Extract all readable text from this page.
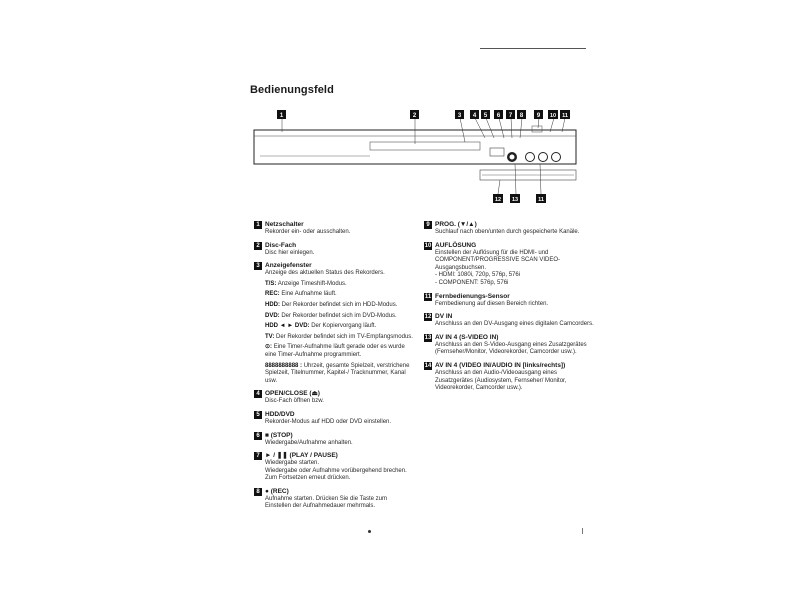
Bedienungsfeld
1	2	3 4 5 6 7 8 9 10 11
12 13	11
1 Netzschalter
Rekorder ein- oder ausschalten.
2 Disc-Fach
Disc hier einlegen.
3 Anzeigefenster
Anzeige des aktuellen Status des Rekorders.
T/S: Anzeige Timeshift-Modus.
REC: Eine Aufnahme läuft.
HDD: Der Rekorder befindet sich im HDD-Modus.
DVD: Der Rekorder befindet sich im DVD-Modus.
HDD ◄ ► DVD: Der Kopiervorgang läuft.
TV: Der Rekorder befindet sich im TV-Empfangsmodus.
⊙: Eine Timer-Aufnahme läuft gerade oder es wurde eine Timer-Aufnahme programmiert.
8888888888 : Uhrzeit, gesamte Spielzeit, verstrichene Spielzeit, Titelnummer, Kapitel-/ Tracknummer, Kanal usw.
4 OPEN/CLOSE (⏏)
Disc-Fach öffnen bzw.
5 HDD/DVD
Rekorder-Modus auf HDD oder DVD einstellen.
6 ■ (STOP)
Wiedergabe/Aufnahme anhalten.
7 ► / ❚❚ (PLAY / PAUSE)
Wiedergabe starten.
Wiedergabe oder Aufnahme vorübergehend brechen. Zum Fortsetzen erneut drücken.
8 ● (REC)
Aufnahme starten. Drücken Sie die Taste zum Einstellen der Aufnahmedauer mehrmals.
9 PROG. (▼/▲)
Suchlauf nach oben/unten durch gespeicherte Kanäle.
10 AUFLÖSUNG
Einstellen der Auflösung für die HDMI- und COMPONENT/PROGRESSIVE SCAN VIDEO-Ausgangsbuchsen.
- HDMI: 1080i, 720p, 576p, 576i
- COMPONENT: 576p, 576i
11 Fernbedienungs-Sensor
Fernbedienung auf diesen Bereich richten.
12 DV IN
Anschluss an den DV-Ausgang eines digitalen Camcorders.
13 AV IN 4 (S-VIDEO IN)
Anschluss an den S-Video-Ausgang eines Zusatzgerätes (Fernseher/Monitor, Videorekorder, Camcorder usw.).
14 AV IN 4 (VIDEO IN/AUDIO IN [links/rechts])
Anschluss an den Audio-/Videoausgang eines Zusatzgerätes (Audiosystem, Fernseher/ Monitor, Videorekorder, Camcorder usw.).
